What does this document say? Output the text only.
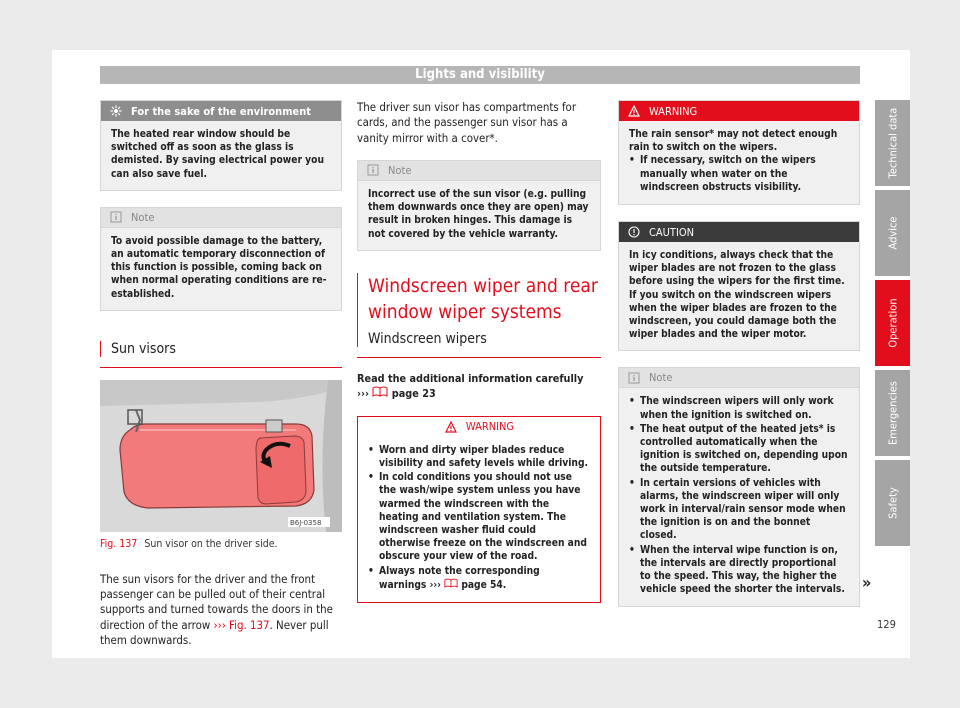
Lights and visibility
For the sake of the environment
The heated rear window should be switched off as soon as the glass is demisted. By saving electrical power you can also save fuel.
Note
To avoid possible damage to the battery, an automatic temporary disconnection of this function is possible, coming back on when normal operating conditions are re-established.
Sun visors
B6J-0358
Fig. 137 Sun visor on the driver side.

The sun visors for the driver and the front passenger can be pulled out of their central supports and turned towards the doors in the direction of the arrow ››› Fig. 137. Never pull them downwards.

The driver sun visor has compartments for cards, and the passenger sun visor has a vanity mirror with a cover*.

Note
Incorrect use of the sun visor (e.g. pulling them downwards once they are open) may result in broken hinges. This damage is not covered by the vehicle warranty.
Windscreen wiper and rear window wiper systems
Windscreen wipers

Read the additional information carefully
››› page 23

WARNING
• Worn and dirty wiper blades reduce visibility and safety levels while driving.
• In cold conditions you should not use the wash/wipe system unless you have warmed the windscreen with the heating and ventilation system. The windscreen washer fluid could otherwise freeze on the windscreen and obscure your view of the road.
• Always note the corresponding warnings ››› page 54.
WARNING
The rain sensor* may not detect enough rain to switch on the wipers.
• If necessary, switch on the wipers manually when water on the windscreen obstructs visibility.
CAUTION
In icy conditions, always check that the wiper blades are not frozen to the glass before using the wipers for the first time. If you switch on the windscreen wipers when the wiper blades are frozen to the windscreen, you could damage both the wiper blades and the wiper motor.
Note
• The windscreen wipers will only work when the ignition is switched on.
• The heat output of the heated jets* is controlled automatically when the ignition is switched on, depending upon the outside temperature.
• In certain versions of vehicles with alarms, the windscreen wiper will only work in interval/rain sensor mode when the ignition is on and the bonnet closed.
• When the interval wipe function is on, the intervals are directly proportional to the speed. This way, the higher the vehicle speed the shorter the intervals. »
Technical data
Advice
Operation
Emergencies
Safety
129
